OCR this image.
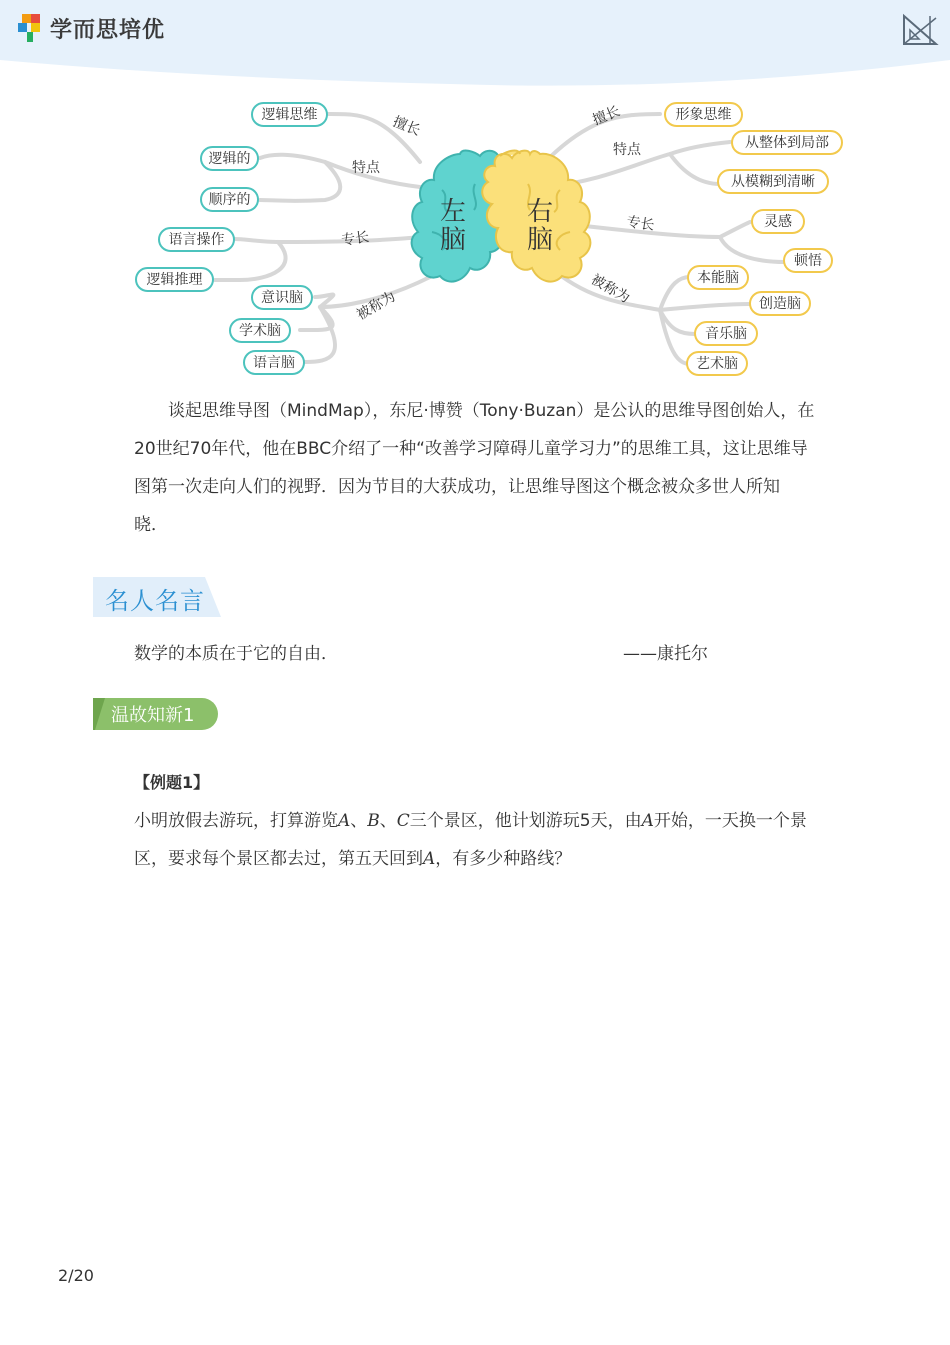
学而思培优
擅长
特点
专长
被称为
擅长
特点
专长
被称为
左
脑
右
脑
逻辑思维
逻辑的
顺序的
语言操作
逻辑推理
意识脑
学术脑
语言脑
形象思维
从整体到局部
从模糊到清晰
灵感
顿悟
本能脑
创造脑
音乐脑
艺术脑

谈起思维导图（MindMap），东尼·博赞（Tony·Buzan）是公认的思维导图创始人，在

20世纪70年代，他在BBC介绍了一种“改善学习障碍儿童学习力”的思维工具，这让思维导
图第一次走向人们的视野．因为节目的大获成功，让思维导图这个概念被众多世人所知
晓．
名人名言
数学的本质在于它的自由．	——康托尔
温故知新1
【例题1】

小明放假去游玩，打算游览A、B、C三个景区，他计划游玩5天，由A开始，一天换一个景

区，要求每个景区都去过，第五天回到A，有多少种路线？

2/20
